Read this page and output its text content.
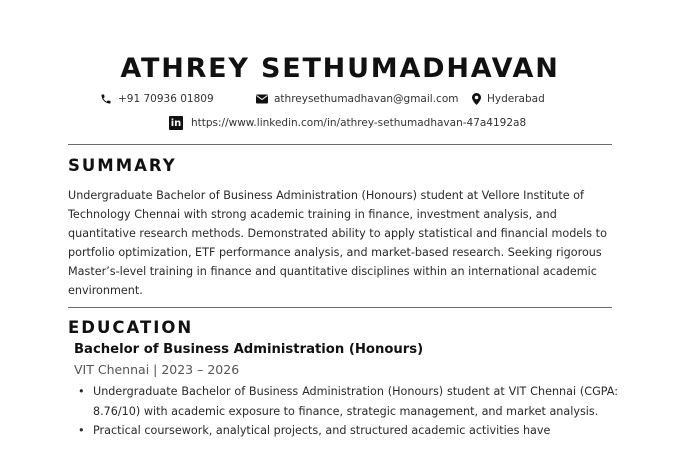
ATHREY SETHUMADHAVAN
+91 70936 01809	athreysethumadhavan@gmail.com	Hyderabad
in https://www.linkedin.com/in/athrey-sethumadhavan-47a4192a8
SUMMARY
Undergraduate Bachelor of Business Administration (Honours) student at Vellore Institute of Technology Chennai with strong academic training in finance, investment analysis, and quantitative research methods. Demonstrated ability to apply statistical and financial models to portfolio optimization, ETF performance analysis, and market-based research. Seeking rigorous Master’s-level training in finance and quantitative disciplines within an international academic environment.
EDUCATION
Bachelor of Business Administration (Honours)
VIT Chennai | 2023 – 2026
• Undergraduate Bachelor of Business Administration (Honours) student at VIT Chennai (CGPA: 8.76/10) with academic exposure to finance, strategic management, and market analysis.
• Practical coursework, analytical projects, and structured academic activities have
